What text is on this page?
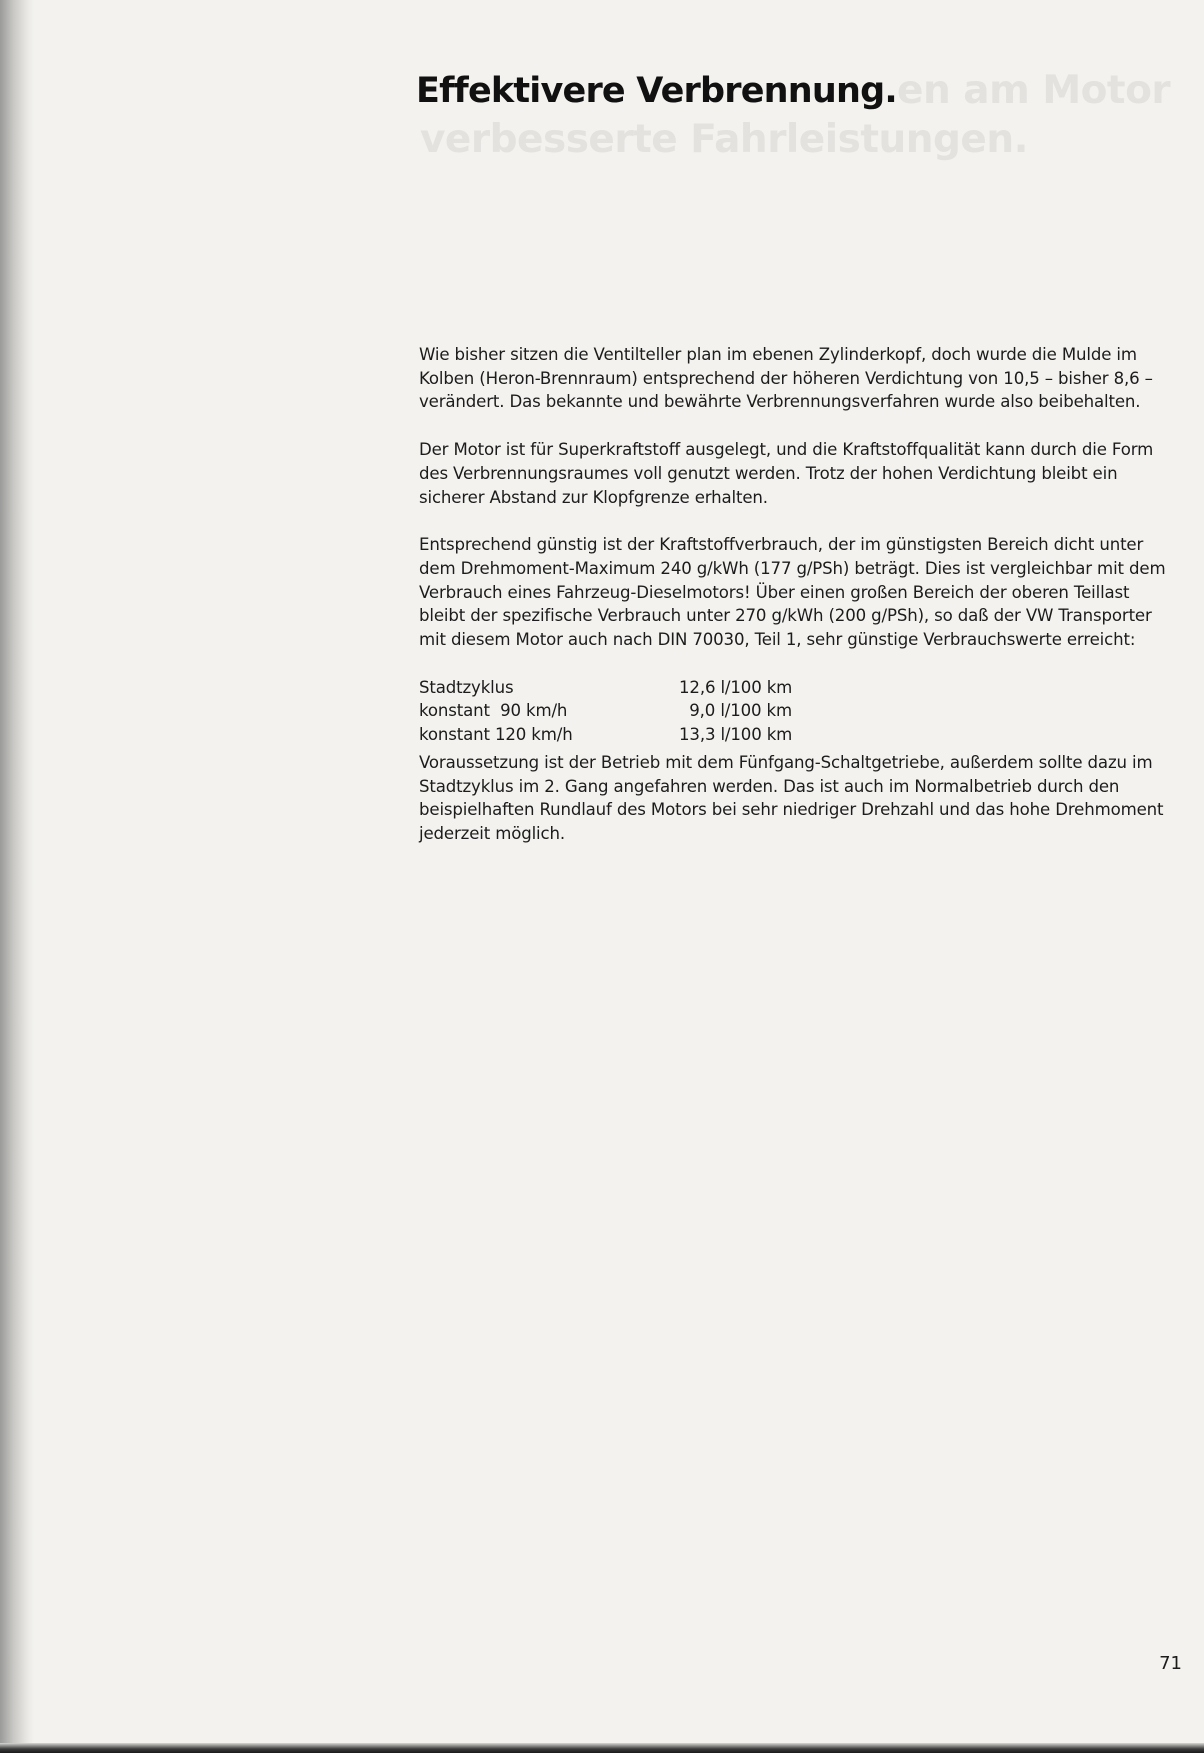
en am Motor
verbesserte Fahrleistungen.
Effektivere Verbrennung.

Wie bisher sitzen die Ventilteller plan im ebenen Zylinderkopf, doch wurde die Mulde im Kolben (Heron-Brennraum) entsprechend der höheren Verdichtung von 10,5 – bisher 8,6 – verändert. Das bekannte und bewährte Verbrennungsverfahren wurde also beibehalten.

Der Motor ist für Superkraftstoff ausgelegt, und die Kraftstoffqualität kann durch die Form des Verbrennungsraumes voll genutzt werden. Trotz der hohen Verdichtung bleibt ein sicherer Abstand zur Klopfgrenze erhalten.

Entsprechend günstig ist der Kraftstoffverbrauch, der im günstigsten Bereich dicht unter dem Drehmoment-Maximum 240 g/kWh (177 g/PSh) beträgt. Dies ist vergleichbar mit dem Verbrauch eines Fahrzeug-Dieselmotors! Über einen großen Bereich der oberen Teillast bleibt der spezifische Verbrauch unter 270 g/kWh (200 g/PSh), so daß der VW Transporter mit diesem Motor auch nach DIN 70030, Teil 1, sehr günstige Verbrauchswerte erreicht:

Stadtzyklus	12,6 l/100 km
konstant  90 km/h	9,0 l/100 km
konstant 120 km/h	13,3 l/100 km

Voraussetzung ist der Betrieb mit dem Fünfgang-Schaltgetriebe, außerdem sollte dazu im Stadtzyklus im 2. Gang angefahren werden. Das ist auch im Normalbetrieb durch den beispielhaften Rundlauf des Motors bei sehr niedriger Drehzahl und das hohe Drehmoment jederzeit möglich.

71
